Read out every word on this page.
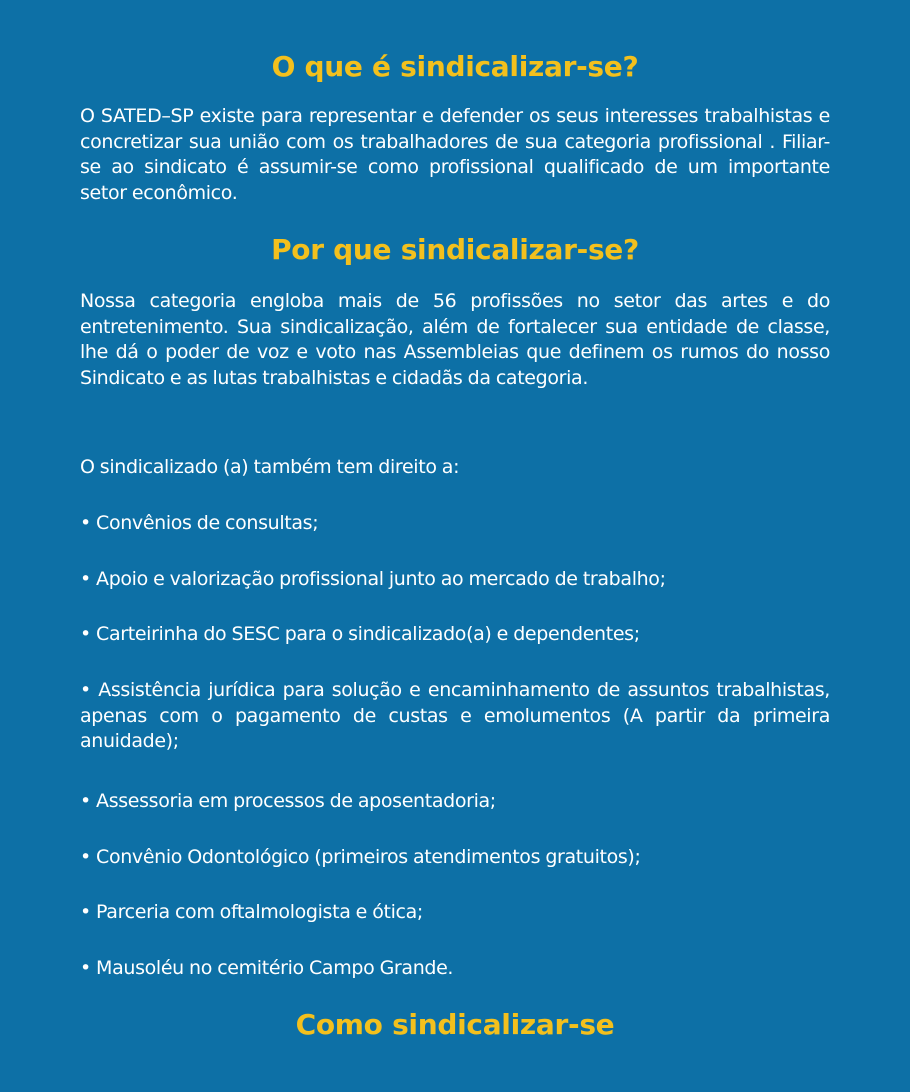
O que é sindicalizar-se?

O SATED–SP existe para representar e defender os seus interesses trabalhistas e concretizar sua união com os trabalhadores de sua categoria profissional . Filiar-se ao sindicato é assumir-se como profissional qualificado de um importante setor econômico.

Por que sindicalizar-se?

Nossa categoria engloba mais de 56 profissões no setor das artes e do entretenimento. Sua sindicalização, além de fortalecer sua entidade de classe, lhe dá o poder de voz e voto nas Assembleias que definem os rumos do nosso Sindicato e as lutas trabalhistas e cidadãs da categoria.

O sindicalizado (a) também tem direito a:

• Convênios de consultas;

• Apoio e valorização profissional junto ao mercado de trabalho;

• Carteirinha do SESC para o sindicalizado(a) e dependentes;

• Assistência jurídica para solução e encaminhamento de assuntos trabalhistas, apenas com o pagamento de custas e emolumentos (A partir da primeira anuidade);

• Assessoria em processos de aposentadoria;

• Convênio Odontológico (primeiros atendimentos gratuitos);

• Parceria com oftalmologista e ótica;

• Mausoléu no cemitério Campo Grande.

Como sindicalizar-se
